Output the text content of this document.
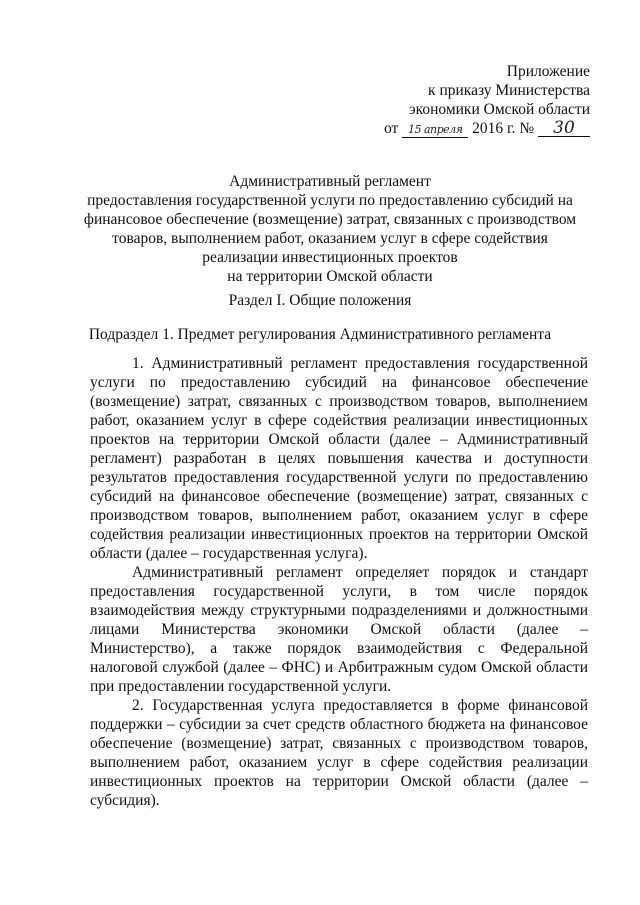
Приложение
к приказу Министерства
экономики Омской области
от 15 апреля 2016 г. № 30
Административный регламент
предоставления государственной услуги по предоставлению субсидий на
финансовое обеспечение (возмещение) затрат, связанных с производством
товаров, выполнением работ, оказанием услуг в сфере содействия
реализации инвестиционных проектов
на территории Омской области
Раздел I. Общие положения
Подраздел 1. Предмет регулирования Административного регламента

1. Административный регламент предоставления государственной услуги по предоставлению субсидий на финансовое обеспечение (возмещение) затрат, связанных с производством товаров, выполнением работ, оказанием услуг в сфере содействия реализации инвестиционных проектов на территории Омской области (далее – Административный регламент) разработан в целях повышения качества и доступности результатов предоставления государственной услуги по предоставлению субсидий на финансовое обеспечение (возмещение) затрат, связанных с производством товаров, выполнением работ, оказанием услуг в сфере содействия реализации инвестиционных проектов на территории Омской области (далее – государственная услуга).

Административный регламент определяет порядок и стандарт предоставления государственной услуги, в том числе порядок взаимодействия между структурными подразделениями и должностными лицами Министерства экономики Омской области (далее – Министерство), а также порядок взаимодействия с Федеральной налоговой службой (далее – ФНС) и Арбитражным судом Омской области при предоставлении государственной услуги.

2. Государственная услуга предоставляется в форме финансовой поддержки – субсидии за счет средств областного бюджета на финансовое обеспечение (возмещение) затрат, связанных с производством товаров, выполнением работ, оказанием услуг в сфере содействия реализации инвестиционных проектов на территории Омской области (далее – субсидия).
